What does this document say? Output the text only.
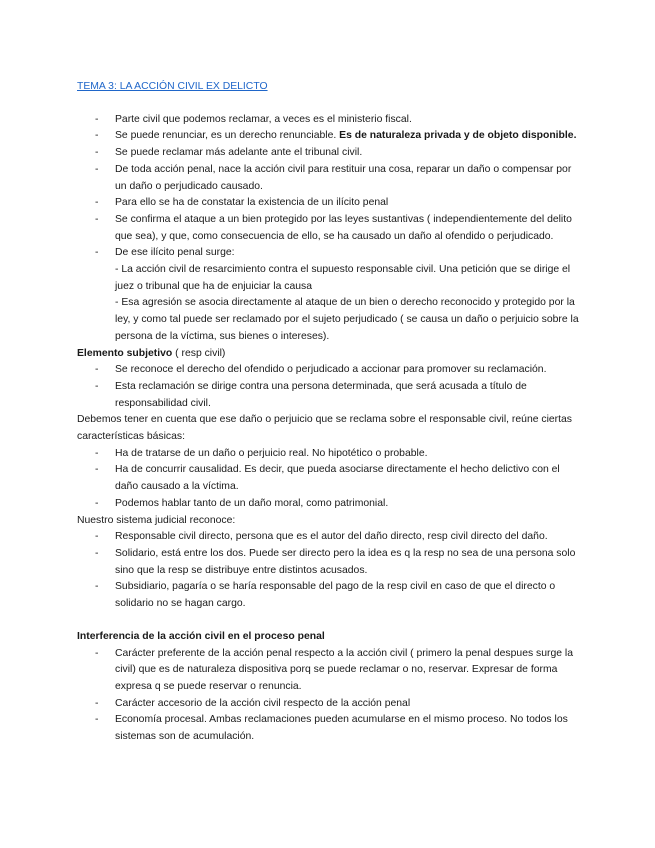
TEMA 3: LA ACCIÓN CIVIL EX DELICTO
-	Parte civil que podemos reclamar, a veces es el ministerio fiscal.
-	Se puede renunciar, es un derecho renunciable. Es de naturaleza privada y de objeto disponible.
-	Se puede reclamar más adelante ante el tribunal civil.
-	De toda acción penal, nace la acción civil para restituir una cosa, reparar un daño o compensar por un daño o perjudicado causado.
-	Para ello se ha de constatar la existencia de un ilícito penal
-	Se confirma el ataque a un bien protegido por las leyes sustantivas ( independientemente del delito que sea), y que, como consecuencia de ello, se ha causado un daño al ofendido o perjudicado.
-	De ese ilícito penal surge:
- La acción civil de resarcimiento contra el supuesto responsable civil. Una petición que se dirige el juez o tribunal que ha de enjuiciar la causa
- Esa agresión se asocia directamente al ataque de un bien o derecho reconocido y protegido por la ley, y como tal puede ser reclamado por el sujeto perjudicado ( se causa un daño o perjuicio sobre la persona de la víctima, sus bienes o intereses).
Elemento subjetivo ( resp civil)
-	Se reconoce el derecho del ofendido o perjudicado a accionar para promover su reclamación.
-	Esta reclamación se dirige contra una persona determinada, que será acusada a título de responsabilidad civil.
Debemos tener en cuenta que ese daño o perjuicio que se reclama sobre el responsable civil, reúne ciertas características básicas:
-	Ha de tratarse de un daño o perjuicio real. No hipotético o probable.
-	Ha de concurrir causalidad. Es decir, que pueda asociarse directamente el hecho delictivo con el daño causado a la víctima.
-	Podemos hablar tanto de un daño moral, como patrimonial.
Nuestro sistema judicial reconoce:
-	Responsable civil directo, persona que es el autor del daño directo, resp civil directo del daño.
-	Solidario, está entre los dos. Puede ser directo pero la idea es q la resp no sea de una persona solo sino que la resp se distribuye entre distintos acusados.
-	Subsidiario, pagaría o se haría responsable del pago de la resp civil en caso de que el directo o solidario no se hagan cargo.
Interferencia de la acción civil en el proceso penal
-	Carácter preferente de la acción penal respecto a la acción civil ( primero la penal despues surge la civil) que es de naturaleza dispositiva porq se puede reclamar o no, reservar. Expresar de forma expresa q se puede reservar o renuncia.
-	Carácter accesorio de la acción civil respecto de la acción penal
-	Economía procesal. Ambas reclamaciones pueden acumularse en el mismo proceso. No todos los sistemas son de acumulación.
